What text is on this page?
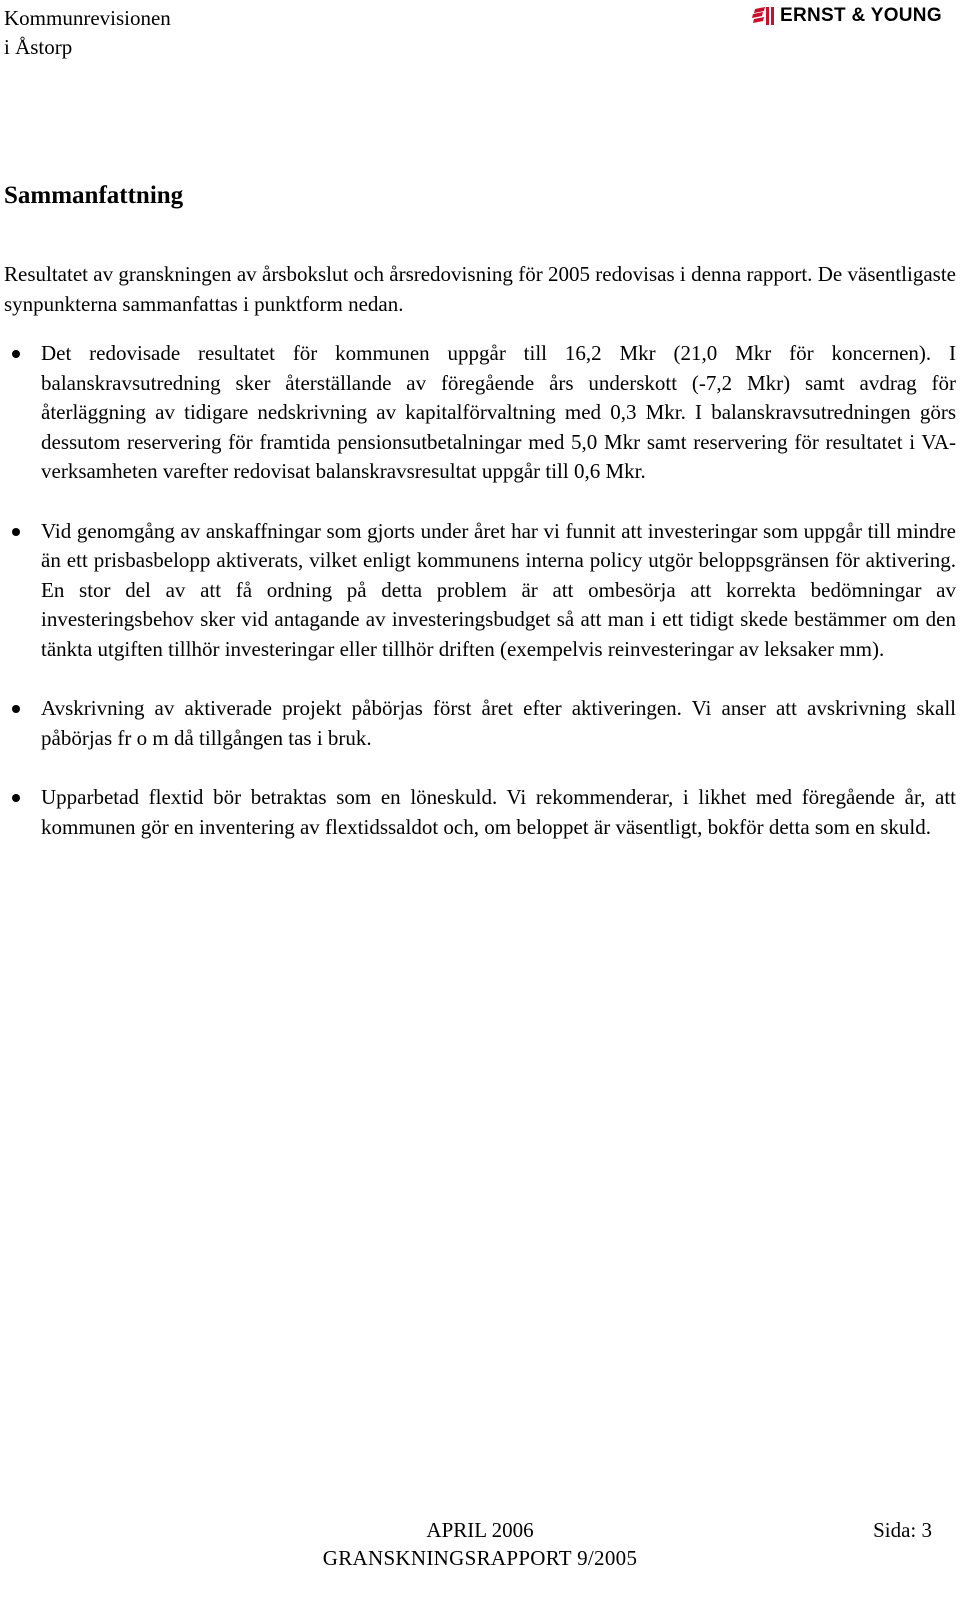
Kommunrevisionen
i Åstorp
ERNST & YOUNG
Sammanfattning

Resultatet av granskningen av årsbokslut och årsredovisning för 2005 redovisas i denna rapport. De väsentligaste synpunkterna sammanfattas i punktform nedan.

Det redovisade resultatet för kommunen uppgår till 16,2 Mkr (21,0 Mkr för koncernen). I balanskravsutredning sker återställande av föregående års underskott (-7,2 Mkr) samt avdrag för återläggning av tidigare nedskrivning av kapitalförvaltning med 0,3 Mkr. I balanskravsutredningen görs dessutom reservering för framtida pensionsutbetalningar med 5,0 Mkr samt reservering för resultatet i VA-verksamheten varefter redovisat balanskravsresultat uppgår till 0,6 Mkr.
Vid genomgång av anskaffningar som gjorts under året har vi funnit att investeringar som uppgår till mindre än ett prisbasbelopp aktiverats, vilket enligt kommunens interna policy utgör beloppsgränsen för aktivering. En stor del av att få ordning på detta problem är att ombesörja att korrekta bedömningar av investeringsbehov sker vid antagande av investeringsbudget så att man i ett tidigt skede bestämmer om den tänkta utgiften tillhör investeringar eller tillhör driften (exempelvis reinvesteringar av leksaker mm).
Avskrivning av aktiverade projekt påbörjas först året efter aktiveringen. Vi anser att avskrivning skall påbörjas fr o m då tillgången tas i bruk.
Upparbetad flextid bör betraktas som en löneskuld. Vi rekommenderar, i likhet med föregående år, att kommunen gör en inventering av flextidssaldot och, om beloppet är väsentligt, bokför detta som en skuld.
APRIL 2006
GRANSKNINGSRAPPORT 9/2005
Sida: 3
